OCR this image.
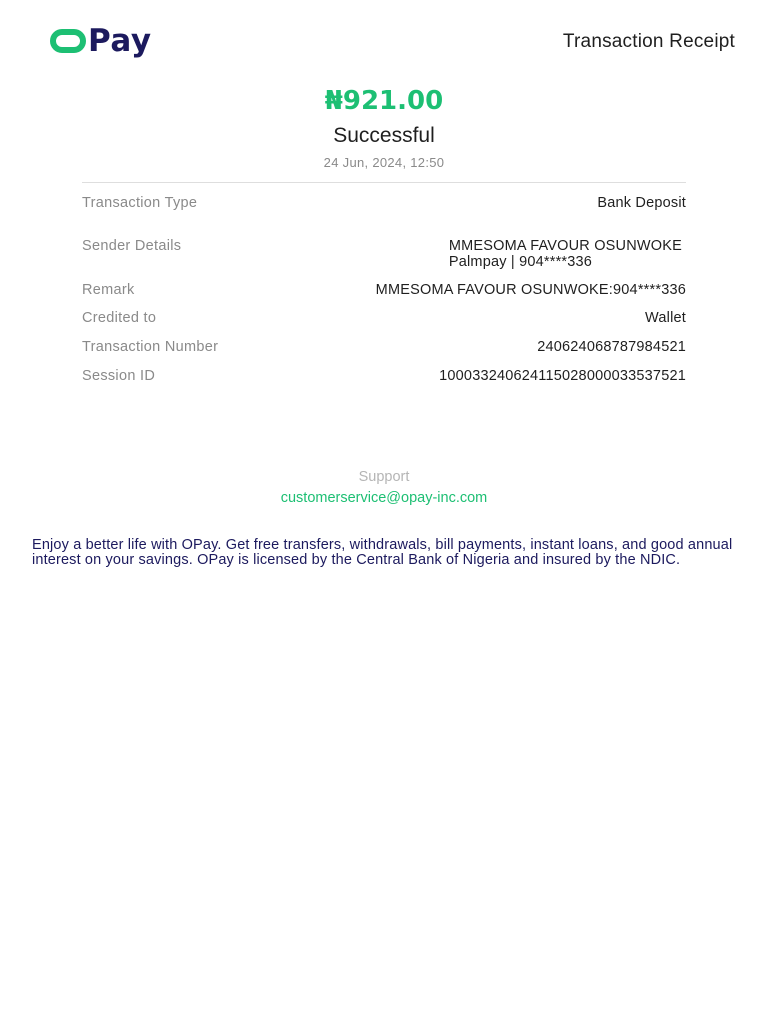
Pay	Transaction Receipt
₦921.00
Successful
24 Jun, 2024, 12:50
Transaction Type	Bank Deposit
Sender Details	MMESOMA FAVOUR OSUNWOKE
Palmpay | 904****336
Remark	MMESOMA FAVOUR OSUNWOKE:904****336
Credited to	Wallet
Transaction Number	240624068787984521
Session ID	100033240624115028000033537521
Support
customerservice@opay-inc.com
Enjoy a better life with OPay. Get free transfers, withdrawals, bill payments, instant loans, and good annual interest on your savings. OPay is licensed by the Central Bank of Nigeria and insured by the NDIC.
